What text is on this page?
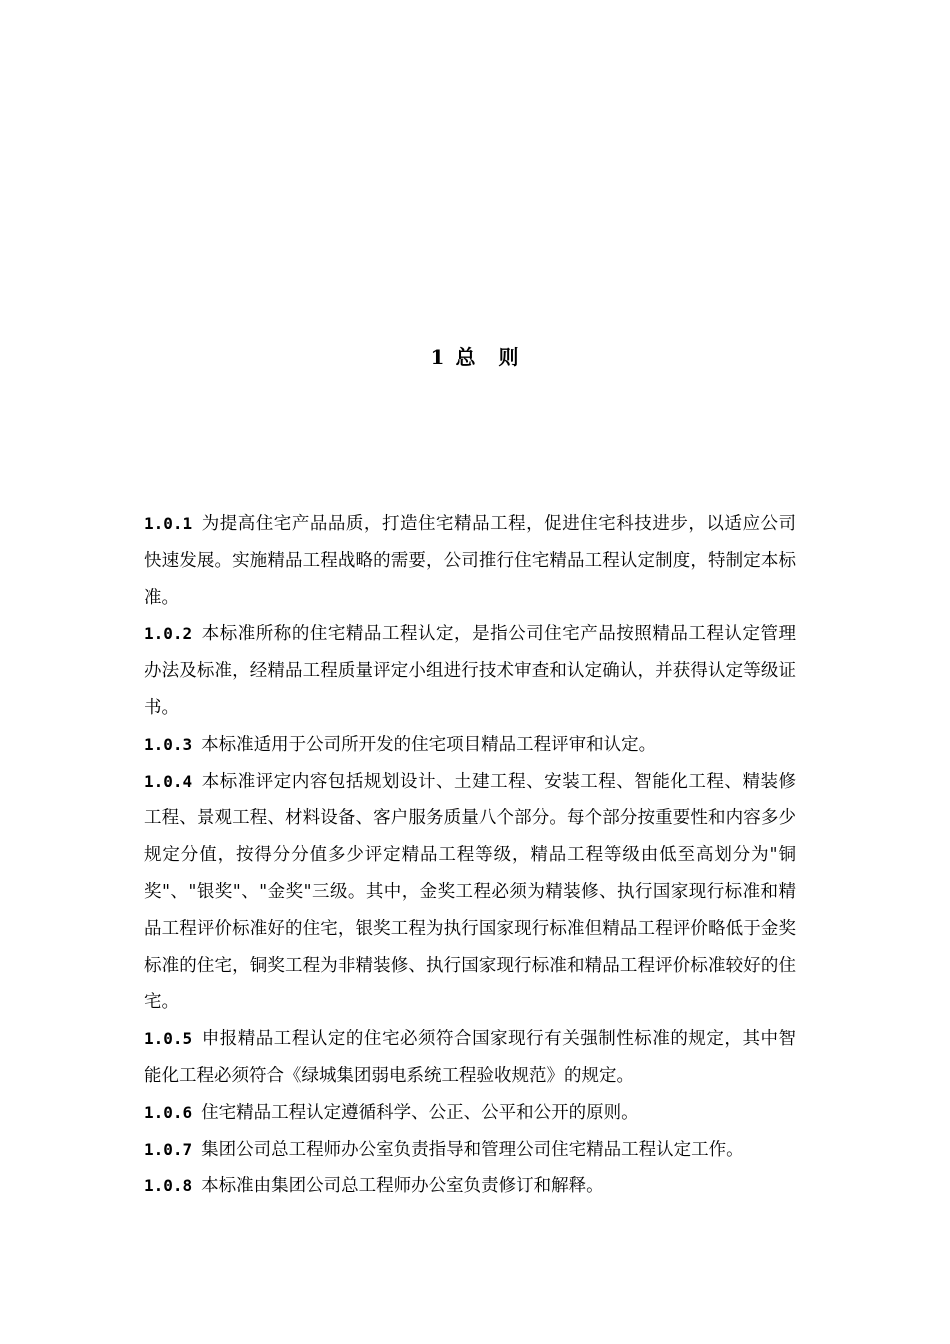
1 总 则

1.0.1 为提高住宅产品品质，打造住宅精品工程，促进住宅科技进步，以适应公司快速发展。实施精品工程战略的需要，公司推行住宅精品工程认定制度，特制定本标准。

1.0.2 本标准所称的住宅精品工程认定，是指公司住宅产品按照精品工程认定管理办法及标准，经精品工程质量评定小组进行技术审查和认定确认，并获得认定等级证书。

1.0.3 本标准适用于公司所开发的住宅项目精品工程评审和认定。

1.0.4 本标准评定内容包括规划设计、土建工程、安装工程、智能化工程、精装修工程、景观工程、材料设备、客户服务质量八个部分。每个部分按重要性和内容多少规定分值，按得分分值多少评定精品工程等级，精品工程等级由低至高划分为"铜奖"、"银奖"、"金奖"三级。其中，金奖工程必须为精装修、执行国家现行标准和精品工程评价标准好的住宅，银奖工程为执行国家现行标准但精品工程评价略低于金奖标准的住宅，铜奖工程为非精装修、执行国家现行标准和精品工程评价标准较好的住宅。

1.0.5 申报精品工程认定的住宅必须符合国家现行有关强制性标准的规定，其中智能化工程必须符合《绿城集团弱电系统工程验收规范》的规定。

1.0.6 住宅精品工程认定遵循科学、公正、公平和公开的原则。

1.0.7 集团公司总工程师办公室负责指导和管理公司住宅精品工程认定工作。

1.0.8 本标准由集团公司总工程师办公室负责修订和解释。
